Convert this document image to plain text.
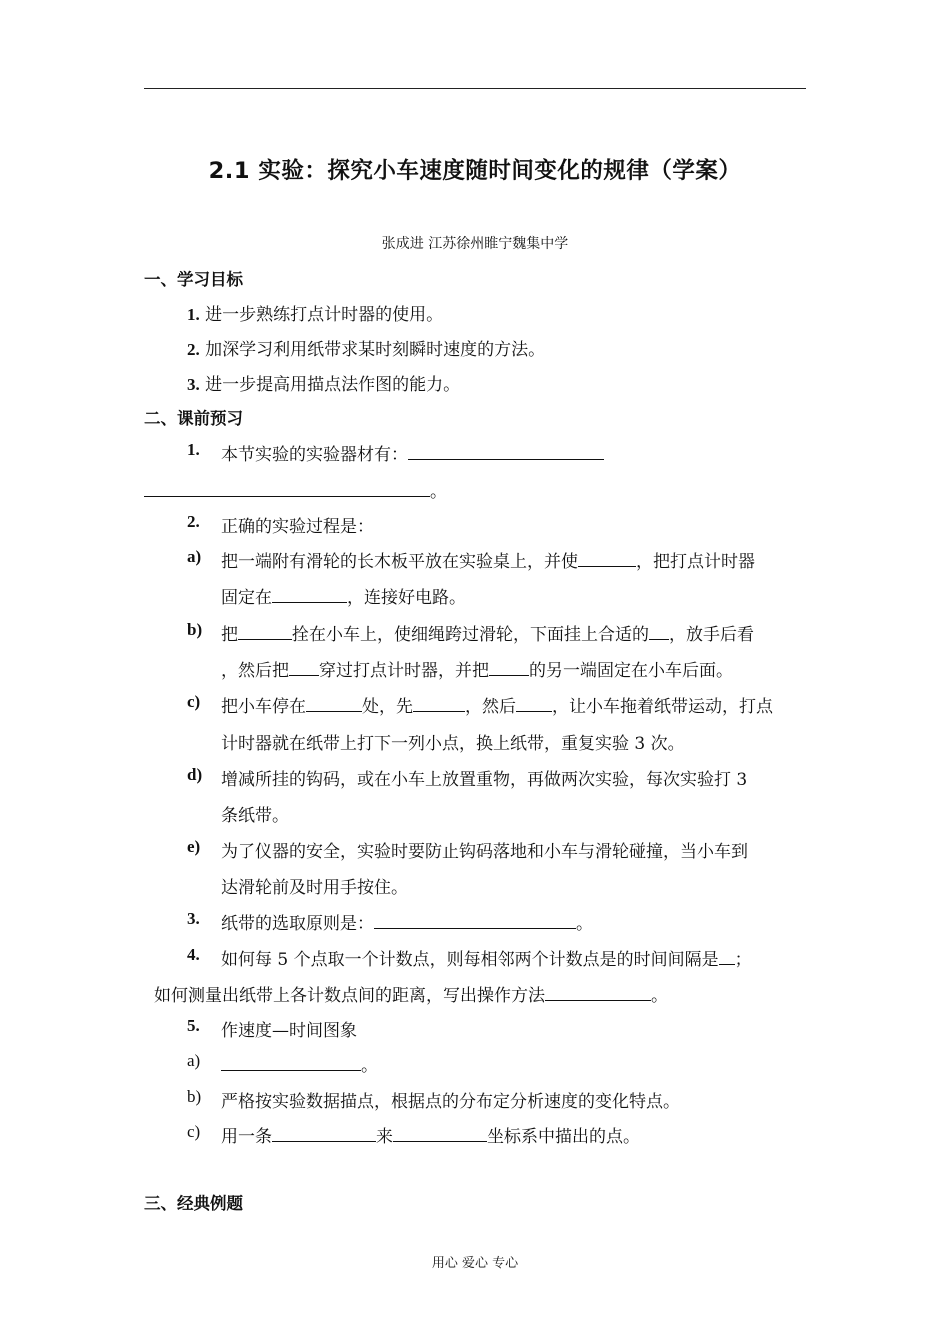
2.1 实验：探究小车速度随时间变化的规律（学案）
张成进 江苏徐州睢宁魏集中学
一、学习目标
1. 进一步熟练打点计时器的使用。
2. 加深学习利用纸带求某时刻瞬时速度的方法。
3. 进一步提高用描点法作图的能力。
二、课前预习
1. 本节实验的实验器材有：
。
2. 正确的实验过程是：
a) 把一端附有滑轮的长木板平放在实验桌上，并使	，把打点计时器
固定在	，连接好电路。
b) 把	拴在小车上，使细绳跨过滑轮，下面挂上合适的 ，放手后看
，然后把 穿过打点计时器，并把 的另一端固定在小车后面。
c) 把小车停在	处，先	，然后 ，让小车拖着纸带运动，打点
计时器就在纸带上打下一列小点，换上纸带，重复实验 3 次。
d) 增减所挂的钩码，或在小车上放置重物，再做两次实验，每次实验打 3
条纸带。
e) 为了仪器的安全，实验时要防止钩码落地和小车与滑轮碰撞，当小车到
达滑轮前及时用手按住。
3. 纸带的选取原则是：	。
4. 如何每 5 个点取一个计数点，则每相邻两个计数点是的时间间隔是 ；
如何测量出纸带上各计数点间的距离，写出操作方法	。
5. 作速度—时间图象
a)	。
b) 严格按实验数据描点，根据点的分布定分析速度的变化特点。
c) 用一条	来	坐标系中描出的点。
三、经典例题
用心 爱心 专心
